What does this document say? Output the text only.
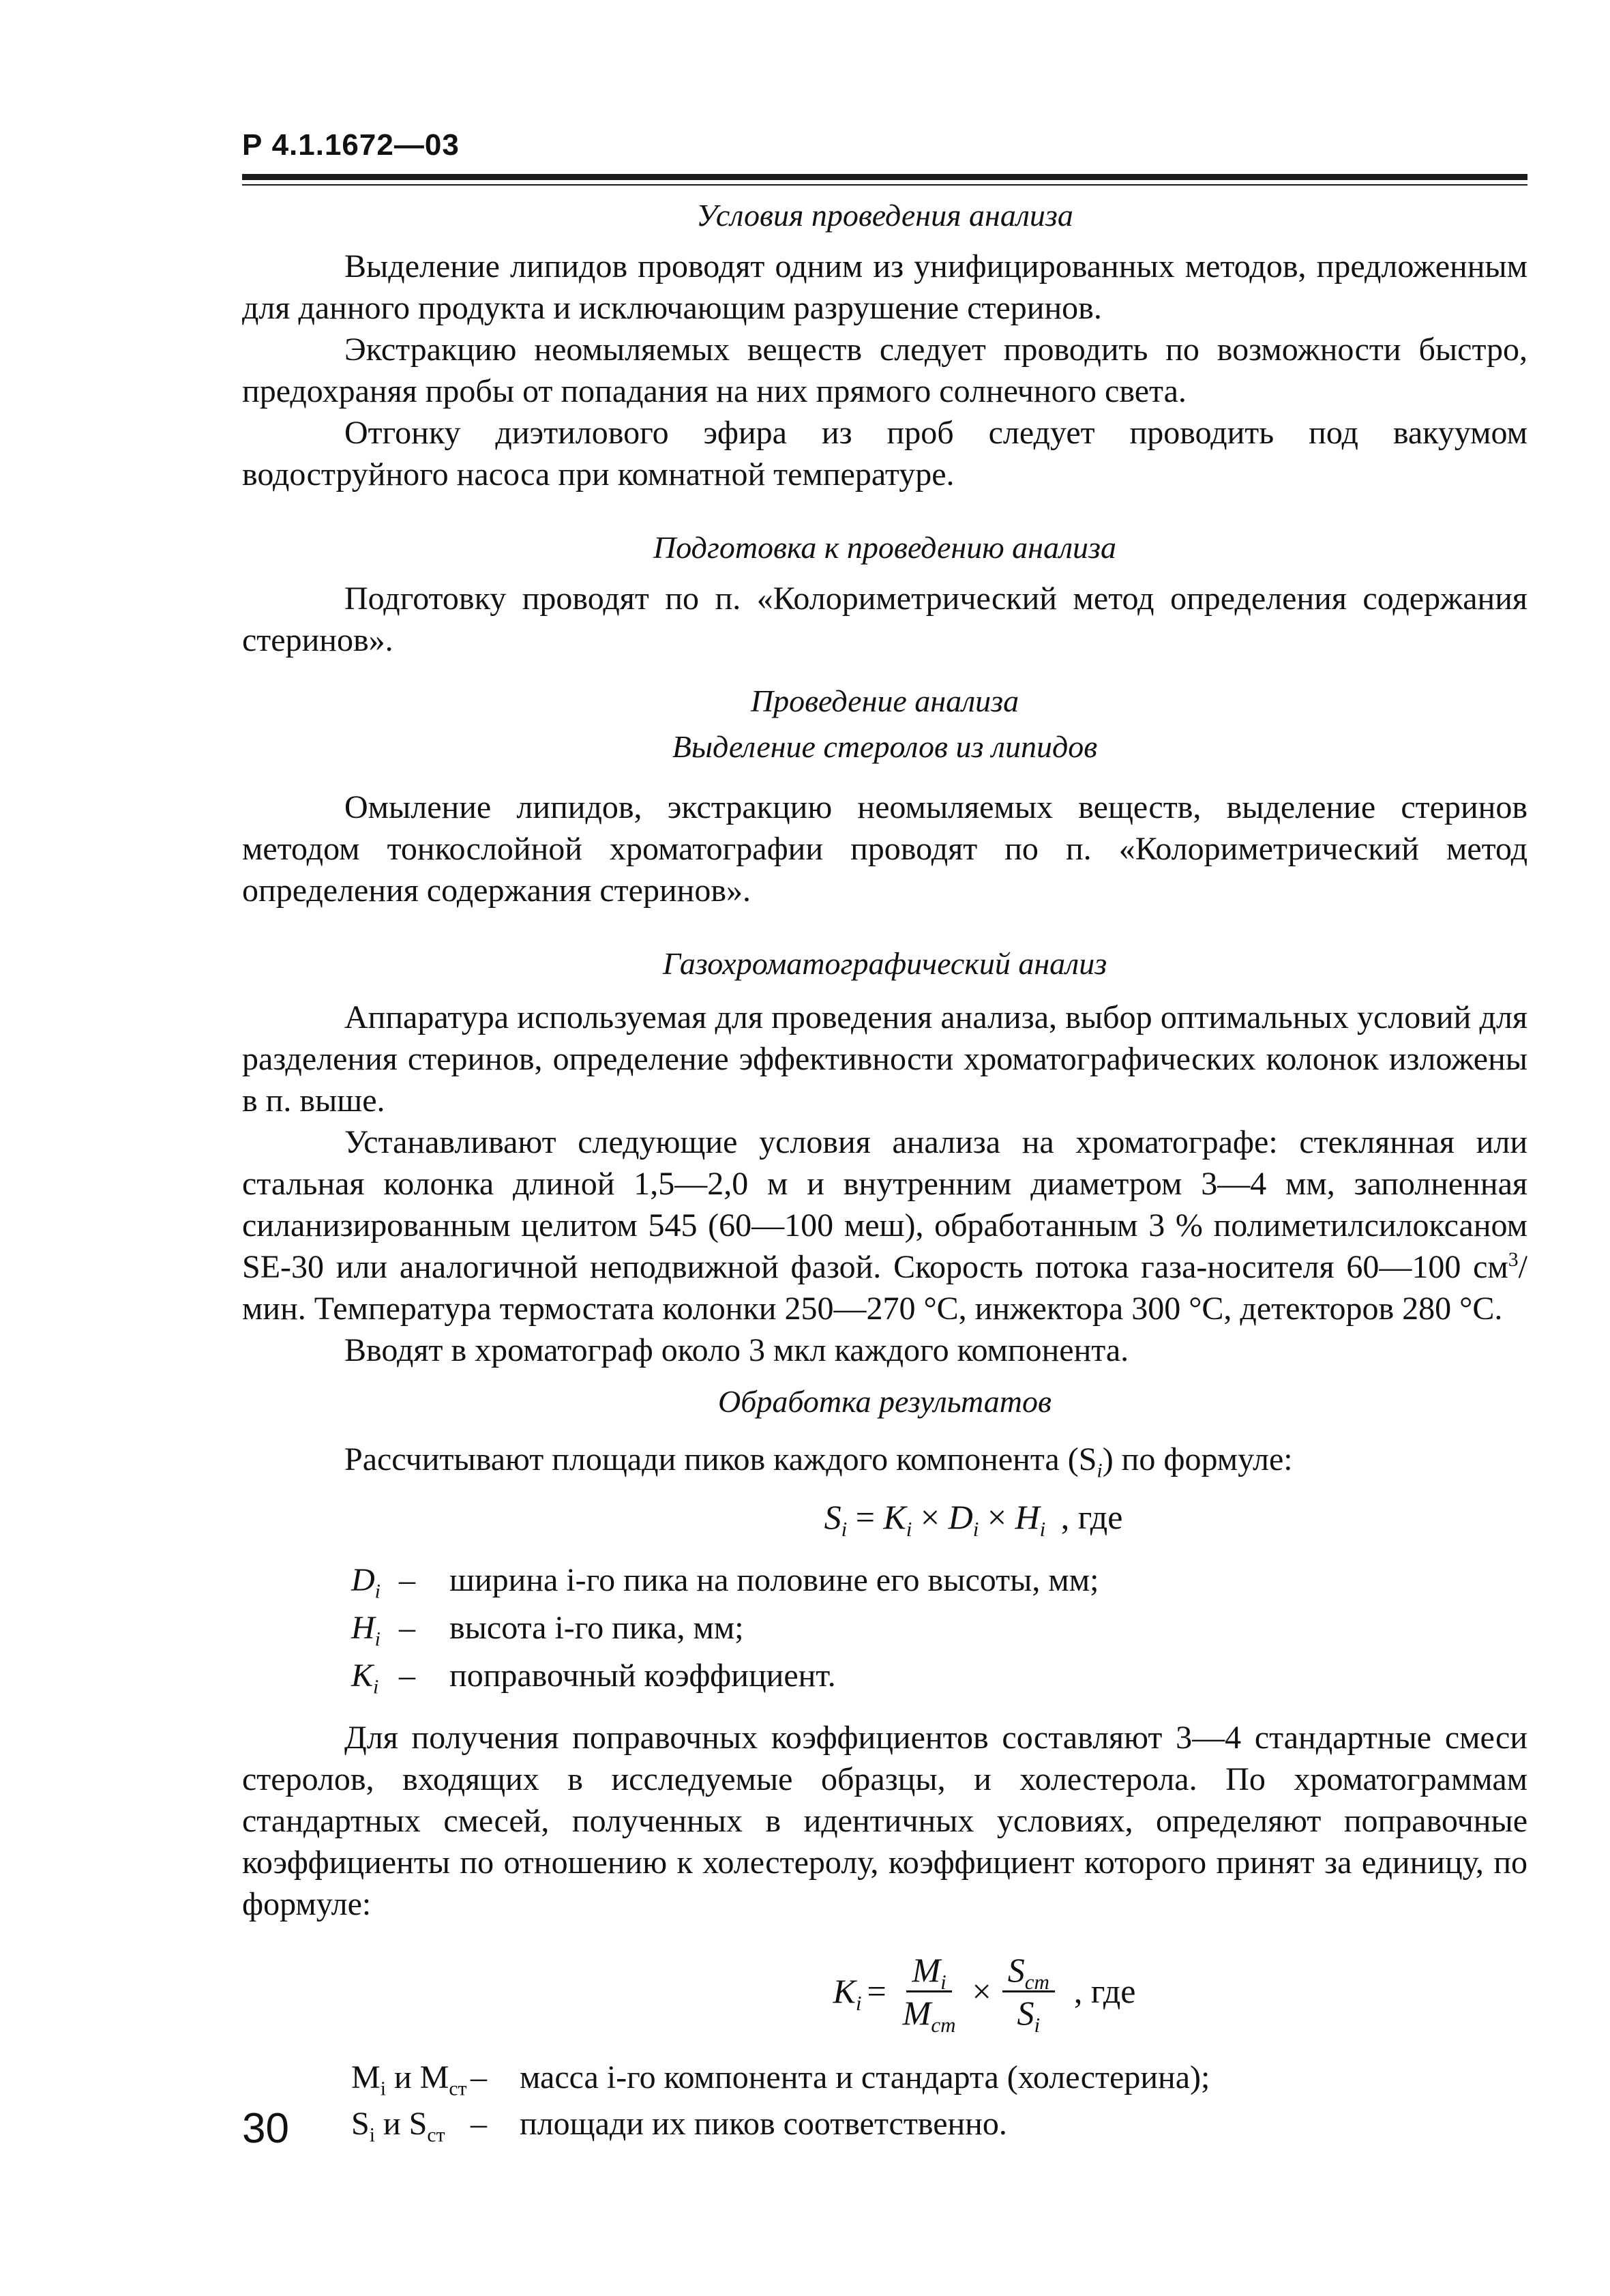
Р 4.1.1672—03
Условия проведения анализа

Выделение липидов проводят одним из унифицированных методов, предложенным для данного продукта и исключающим разрушение стеринов.

Экстракцию неомыляемых веществ следует проводить по возможности быстро, предохраняя пробы от попадания на них прямого солнечного света.

Отгонку диэтилового эфира из проб следует проводить под вакуумом водоструйного насоса при комнатной температуре.

Подготовка к проведению анализа

Подготовку проводят по п. «Колориметрический метод определения содержания стеринов».

Проведение анализа
Выделение стеролов из липидов

Омыление липидов, экстракцию неомыляемых веществ, выделение стеринов методом тонкослойной хроматографии проводят по п. «Колориметрический метод определения содержания стеринов».

Газохроматографический анализ

Аппаратура используемая для проведения анализа, выбор оптимальных условий для разделения стеринов, определение эффективности хроматографических колонок изложены в п. выше.

Устанавливают следующие условия анализа на хроматографе: стеклянная или стальная колонка длиной 1,5—2,0 м и внутренним диаметром 3—4 мм, заполненная силанизированным целитом 545 (60—100 меш), обработанным 3 % полиметилсилоксаном SE-30 или аналогичной неподвижной фазой. Скорость потока газа-носителя 60—100 $см^3$/мин. Температура термостата колонки 250—270 °С, инжектора 300 °С, детекторов 280 °С.

Вводят в хроматограф около 3 мкл каждого компонента.

Обработка результатов

Рассчитывают площади пиков каждого компонента $(S_i)$ по формуле:

$S_i = K_i \times D_i \times H_i$ , где
$D_i$ –	ширина i-го пика на половине его высоты, мм;
$H_i$ –	высота i-го пика, мм;
$K_i$ –	поправочный коэффициент.

Для получения поправочных коэффициентов составляют 3—4 стандартные смеси стеролов, входящих в исследуемые образцы, и холестерола. По хроматограммам стандартных смесей, полученных в идентичных условиях, определяют поправочные коэффициенты по отношению к холестеролу, коэффициент которого принят за единицу, по формуле:

$K_i = \frac{M_i}{M_{cm}} \times \frac{S_{cm}}{S_i}$ , где
$M_i$ и $M_{ст}$ –	масса i-го компонента и стандарта (холестерина);
$S_i$ и $S_{ст}$ –	площади их пиков соответственно.
30
